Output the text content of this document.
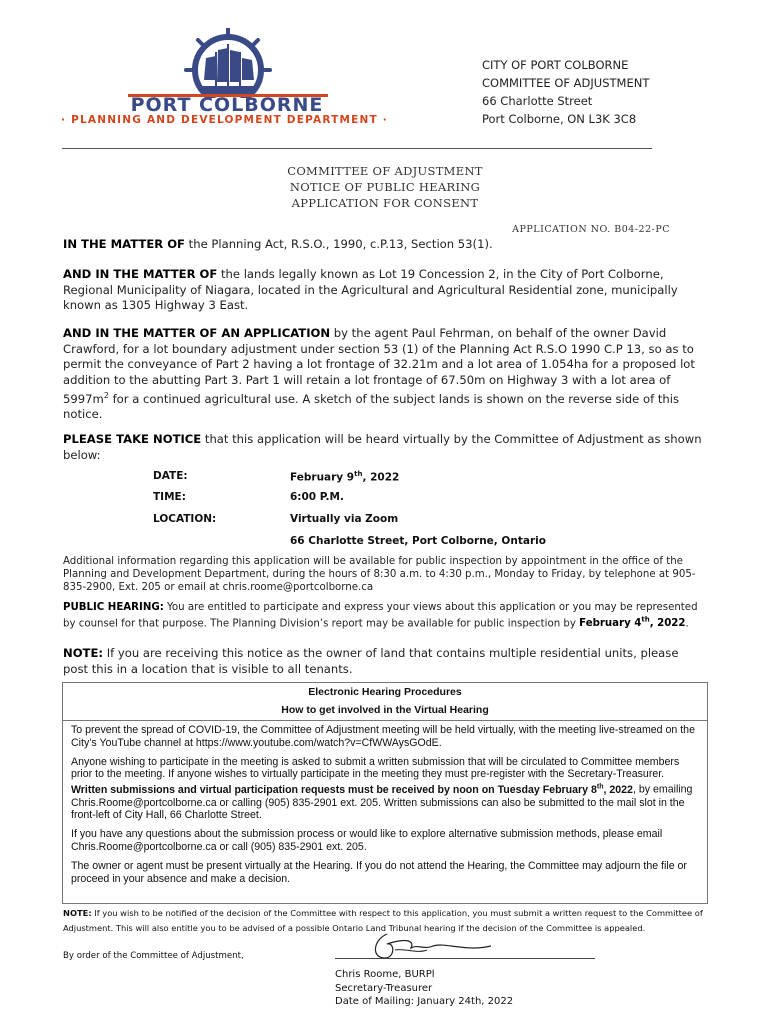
PORT COLBORNE
· PLANNING AND DEVELOPMENT DEPARTMENT ·
CITY OF PORT COLBORNE
COMMITTEE OF ADJUSTMENT
66 Charlotte Street
Port Colborne, ON L3K 3C8
COMMITTEE OF ADJUSTMENT
NOTICE OF PUBLIC HEARING
APPLICATION FOR CONSENT
APPLICATION NO. B04-22-PC
IN THE MATTER OF the Planning Act, R.S.O., 1990, c.P.13, Section 53(1).
AND IN THE MATTER OF the lands legally known as Lot 19 Concession 2, in the City of Port Colborne, Regional Municipality of Niagara, located in the Agricultural and Agricultural Residential zone, municipally known as 1305 Highway 3 East.
AND IN THE MATTER OF AN APPLICATION by the agent Paul Fehrman, on behalf of the owner David Crawford, for a lot boundary adjustment under section 53 (1) of the Planning Act R.S.O 1990 C.P 13, so as to permit the conveyance of Part 2 having a lot frontage of 32.21m and a lot area of 1.054ha for a proposed lot addition to the abutting Part 3. Part 1 will retain a lot frontage of 67.50m on Highway 3 with a lot area of $5997m^2$ for a continued agricultural use. A sketch of the subject lands is shown on the reverse side of this notice.
PLEASE TAKE NOTICE that this application will be heard virtually by the Committee of Adjustment as shown below:
DATE:	February 9th, 2022
TIME:	6:00 P.M.
LOCATION:	Virtually via Zoom
66 Charlotte Street, Port Colborne, Ontario
Additional information regarding this application will be available for public inspection by appointment in the office of the Planning and Development Department, during the hours of 8:30 a.m. to 4:30 p.m., Monday to Friday, by telephone at 905-835-2900, Ext. 205 or email at chris.roome@portcolborne.ca
PUBLIC HEARING: You are entitled to participate and express your views about this application or you may be represented by counsel for that purpose. The Planning Division’s report may be available for public inspection by February 4th, 2022.
NOTE: If you are receiving this notice as the owner of land that contains multiple residential units, please post this in a location that is visible to all tenants.
Electronic Hearing Procedures
How to get involved in the Virtual Hearing

To prevent the spread of COVID-19, the Committee of Adjustment meeting will be held virtually, with the meeting live-streamed on the City’s YouTube channel at https://www.youtube.com/watch?v=CfWWAysGOdE.

Anyone wishing to participate in the meeting is asked to submit a written submission that will be circulated to Committee members prior to the meeting. If anyone wishes to virtually participate in the meeting they must pre-register with the Secretary-Treasurer. Written submissions and virtual participation requests must be received by noon on Tuesday February 8th, 2022, by emailing Chris.Roome@portcolborne.ca or calling (905) 835-2901 ext. 205. Written submissions can also be submitted to the mail slot in the front-left of City Hall, 66 Charlotte Street.

If you have any questions about the submission process or would like to explore alternative submission methods, please email Chris.Roome@portcolborne.ca or call (905) 835-2901 ext. 205.

The owner or agent must be present virtually at the Hearing. If you do not attend the Hearing, the Committee may adjourn the file or proceed in your absence and make a decision.

NOTE: If you wish to be notified of the decision of the Committee with respect to this application, you must submit a written request to the Committee of Adjustment. This will also entitle you to be advised of a possible Ontario Land Tribunal hearing if the decision of the Committee is appealed.
By order of the Committee of Adjustment,
Chris Roome, BURPl
Secretary-Treasurer
Date of Mailing: January 24th, 2022
